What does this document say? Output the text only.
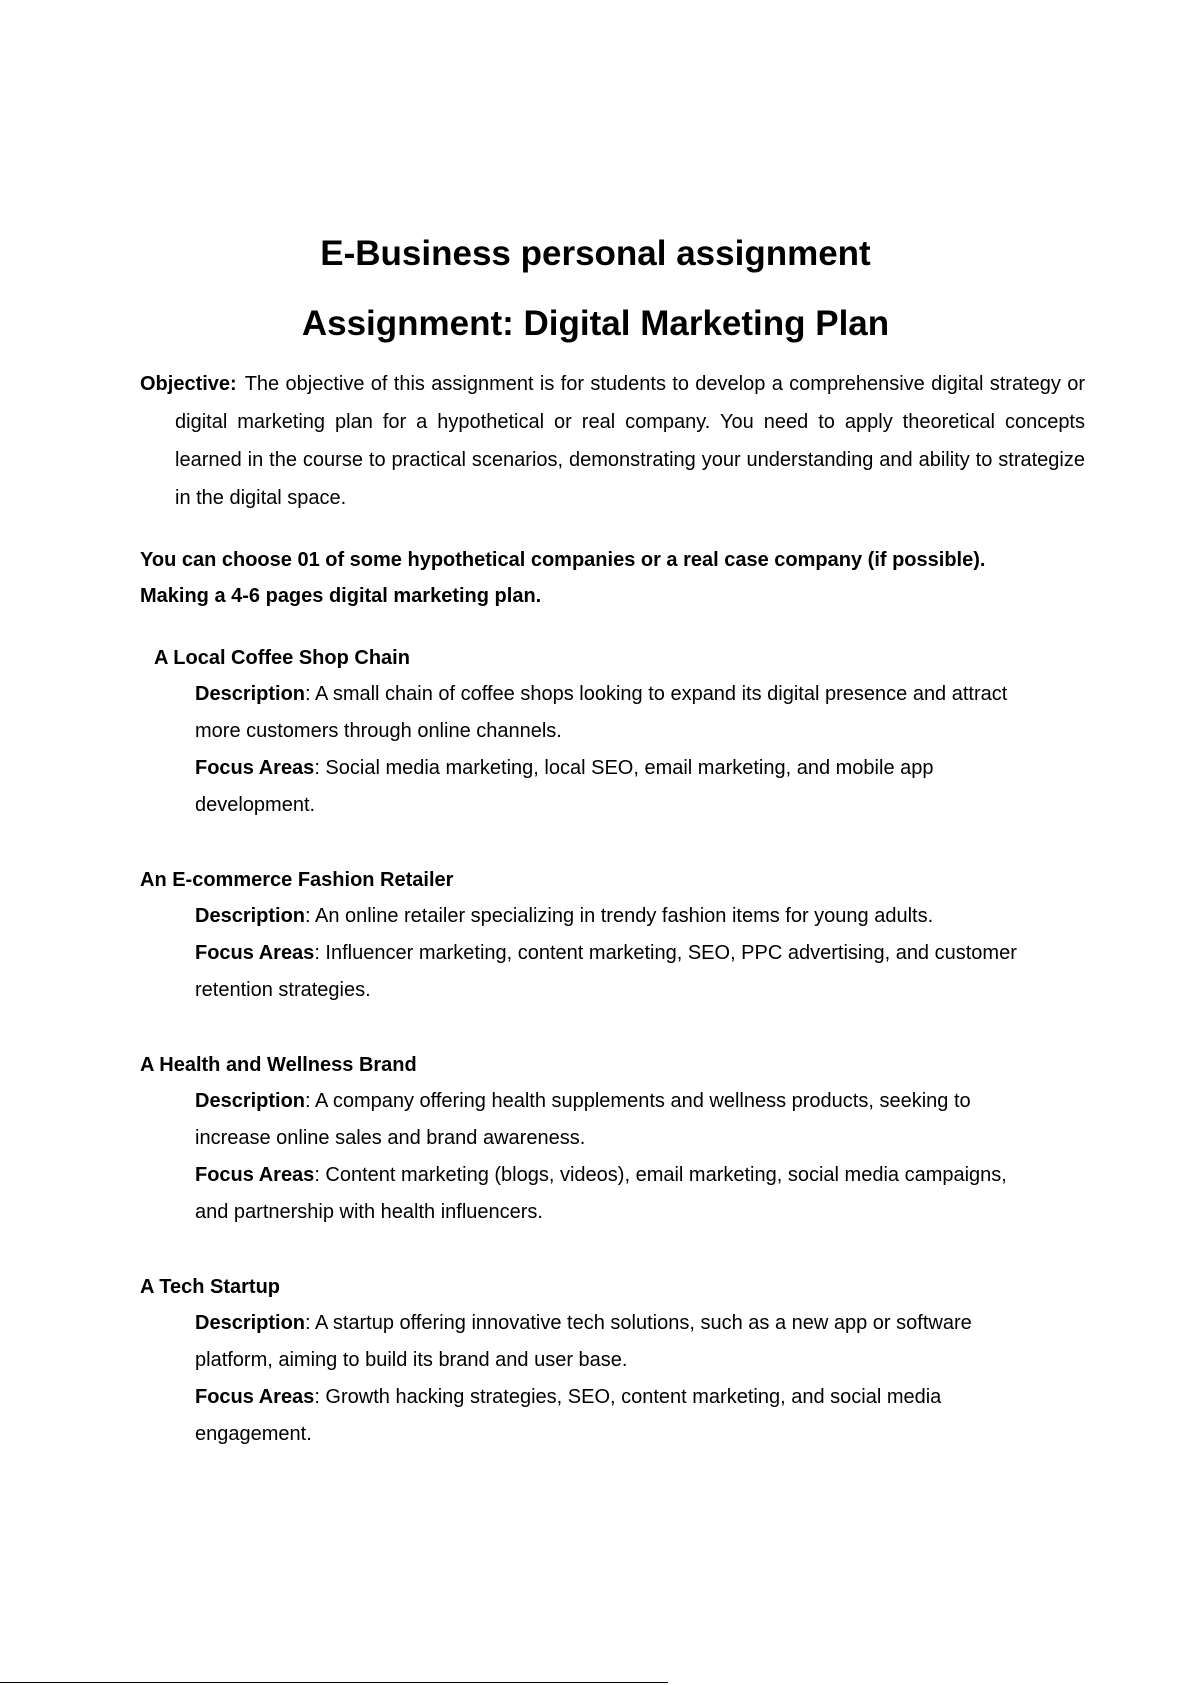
E-Business personal assignment
Assignment: Digital Marketing Plan

Objective: The objective of this assignment is for students to develop a comprehensive digital strategy or digital marketing plan for a hypothetical or real company. You need to apply theoretical concepts learned in the course to practical scenarios, demonstrating your understanding and ability to strategize in the digital space.

You can choose 01 of some hypothetical companies or a real case company (if possible).
Making a 4-6 pages digital marketing plan.
A Local Coffee Shop Chain
Description: A small chain of coffee shops looking to expand its digital presence and attract more customers through online channels.
Focus Areas: Social media marketing, local SEO, email marketing, and mobile app development.
An E-commerce Fashion Retailer
Description: An online retailer specializing in trendy fashion items for young adults.
Focus Areas: Influencer marketing, content marketing, SEO, PPC advertising, and customer retention strategies.
A Health and Wellness Brand
Description: A company offering health supplements and wellness products, seeking to increase online sales and brand awareness.
Focus Areas: Content marketing (blogs, videos), email marketing, social media campaigns, and partnership with health influencers.
A Tech Startup
Description: A startup offering innovative tech solutions, such as a new app or software platform, aiming to build its brand and user base.
Focus Areas: Growth hacking strategies, SEO, content marketing, and social media engagement.
